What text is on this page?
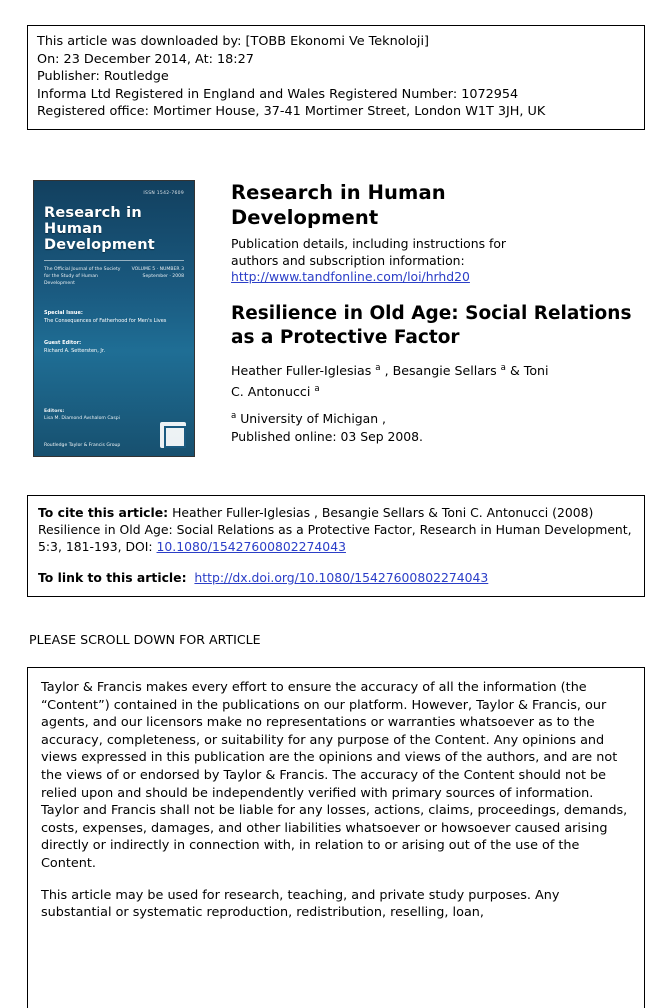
This article was downloaded by: [TOBB Ekonomi Ve Teknoloji]
On: 23 December 2014, At: 18:27
Publisher: Routledge
Informa Ltd Registered in England and Wales Registered Number: 1072954
Registered office: Mortimer House, 37-41 Mortimer Street, London W1T 3JH, UK
ISSN 1542-7609
Research in Human Development
The Official Journal of the Society for the Study of Human Development
VOLUME 5 · NUMBER 3 September · 2008
Special Issue:
The Consequences of Fatherhood for Men's Lives
Guest Editor:
Richard A. Settersten, Jr.
Editors:
Lisa M. Diamond Avshalom Caspi
Routledge Taylor & Francis Group
Research in Human
Development
Publication details, including instructions for
authors and subscription information:
http://www.tandfonline.com/loi/hrhd20
Resilience in Old Age: Social Relations as a Protective Factor
Heather Fuller-Iglesias $^a$ , Besangie Sellars $^a$ & Toni
C. Antonucci $^a$
$^a$ University of Michigan ,
Published online: 03 Sep 2008.

To cite this article: Heather Fuller-Iglesias , Besangie Sellars & Toni C. Antonucci (2008) Resilience in Old Age: Social Relations as a Protective Factor, Research in Human Development, 5:3, 181-193, DOI: 10.1080/15427600802274043

To link to this article: http://dx.doi.org/10.1080/15427600802274043

PLEASE SCROLL DOWN FOR ARTICLE

Taylor & Francis makes every effort to ensure the accuracy of all the information (the “Content”) contained in the publications on our platform. However, Taylor & Francis, our agents, and our licensors make no representations or warranties whatsoever as to the accuracy, completeness, or suitability for any purpose of the Content. Any opinions and views expressed in this publication are the opinions and views of the authors, and are not the views of or endorsed by Taylor & Francis. The accuracy of the Content should not be relied upon and should be independently verified with primary sources of information. Taylor and Francis shall not be liable for any losses, actions, claims, proceedings, demands, costs, expenses, damages, and other liabilities whatsoever or howsoever caused arising directly or indirectly in connection with, in relation to or arising out of the use of the Content.

This article may be used for research, teaching, and private study purposes. Any substantial or systematic reproduction, redistribution, reselling, loan,
